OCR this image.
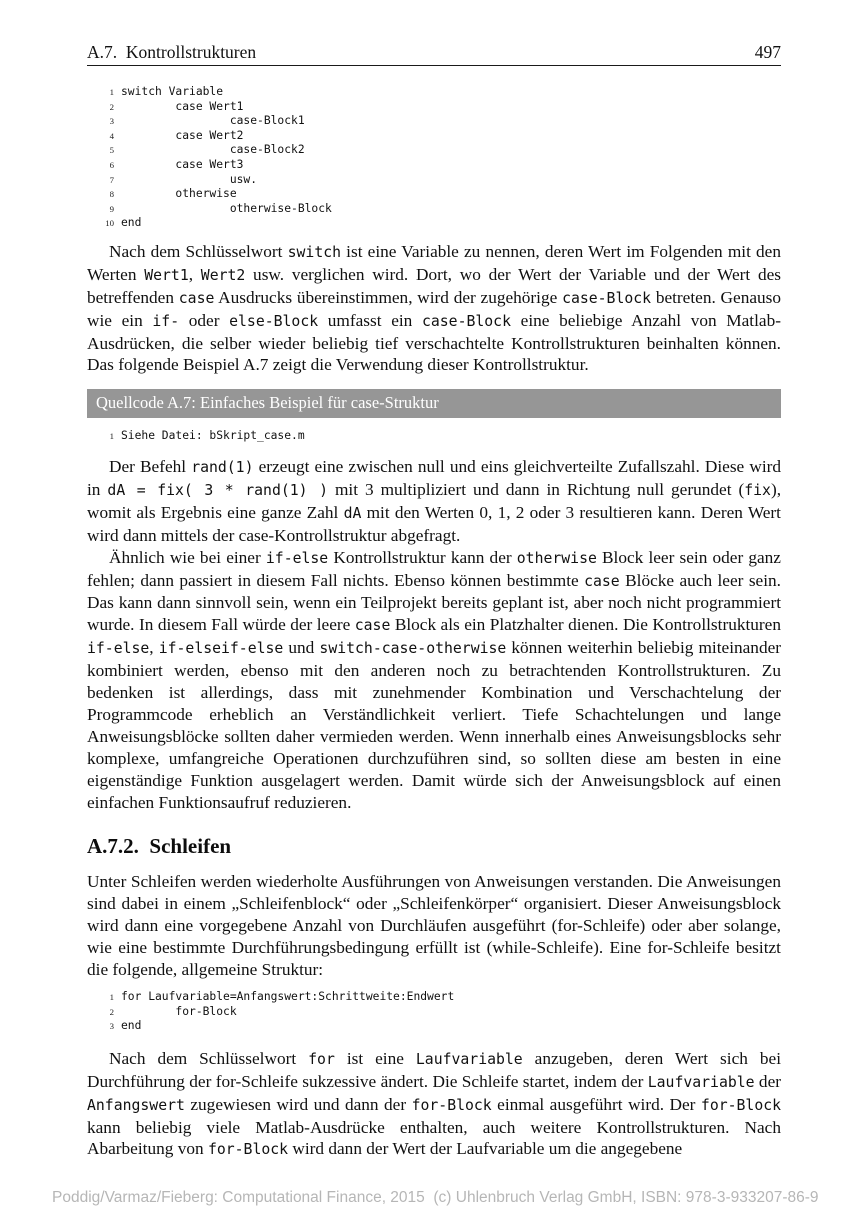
A.7.  Kontrollstrukturen	497
1 switch Variable
2 case Wert1
3 case-Block1
4 case Wert2
5 case-Block2
6 case Wert3
7 usw.
8 otherwise
9 otherwise-Block
10 end

Nach dem Schlüsselwort switch ist eine Variable zu nennen, deren Wert im Folgenden mit den Werten Wert1, Wert2 usw. verglichen wird. Dort, wo der Wert der Variable und der Wert des betreffenden case Ausdrucks übereinstimmen, wird der zugehörige case-Block betreten. Genauso wie ein if- oder else-Block umfasst ein case-Block eine beliebige Anzahl von Matlab-Ausdrücken, die selber wieder beliebig tief verschachtelte Kontrollstrukturen beinhalten können. Das folgende Beispiel A.7 zeigt die Verwendung dieser Kontrollstruktur.

Quellcode A.7: Einfaches Beispiel für case-Struktur
1 Siehe Datei: bSkript_case.m

Der Befehl rand(1) erzeugt eine zwischen null und eins gleichverteilte Zufallszahl. Diese wird in dA = fix( 3 * rand(1) ) mit 3 multipliziert und dann in Richtung null gerundet (fix), womit als Ergebnis eine ganze Zahl dA mit den Werten 0, 1, 2 oder 3 resultieren kann. Deren Wert wird dann mittels der case-Kontrollstruktur abgefragt.

Ähnlich wie bei einer if-else Kontrollstruktur kann der otherwise Block leer sein oder ganz fehlen; dann passiert in diesem Fall nichts. Ebenso können bestimmte case Blöcke auch leer sein. Das kann dann sinnvoll sein, wenn ein Teilprojekt bereits geplant ist, aber noch nicht programmiert wurde. In diesem Fall würde der leere case Block als ein Platzhalter dienen. Die Kontrollstrukturen if-else, if-elseif-else und switch-case-otherwise können weiterhin beliebig miteinander kombiniert werden, ebenso mit den anderen noch zu betrachtenden Kontrollstrukturen. Zu bedenken ist allerdings, dass mit zunehmender Kombination und Verschachtelung der Programmcode erheblich an Verständlichkeit verliert. Tiefe Schachtelungen und lange Anweisungsblöcke sollten daher vermieden werden. Wenn innerhalb eines Anweisungsblocks sehr komplexe, umfangreiche Operationen durchzuführen sind, so sollten diese am besten in eine eigenständige Funktion ausgelagert werden. Damit würde sich der Anweisungsblock auf einen einfachen Funktionsaufruf reduzieren.

A.7.2.  Schleifen

Unter Schleifen werden wiederholte Ausführungen von Anweisungen verstanden. Die Anweisungen sind dabei in einem „Schleifenblock“ oder „Schleifenkörper“ organisiert. Dieser Anweisungsblock wird dann eine vorgegebene Anzahl von Durchläufen ausgeführt (for-Schleife) oder aber solange, wie eine bestimmte Durchführungsbedingung erfüllt ist (while-Schleife). Eine for-Schleife besitzt die folgende, allgemeine Struktur:

1 for Laufvariable=Anfangswert:Schrittweite:Endwert
2 for-Block
3 end

Nach dem Schlüsselwort for ist eine Laufvariable anzugeben, deren Wert sich bei Durchführung der for-Schleife sukzessive ändert. Die Schleife startet, indem der Laufvariable der Anfangswert zugewiesen wird und dann der for-Block einmal ausgeführt wird. Der for-Block kann beliebig viele Matlab-Ausdrücke enthalten, auch weitere Kontrollstrukturen. Nach Abarbeitung von for-Block wird dann der Wert der Laufvariable um die angegebene

Poddig/Varmaz/Fieberg: Computational Finance, 2015  (c) Uhlenbruch Verlag GmbH, ISBN: 978-3-933207-86-9
